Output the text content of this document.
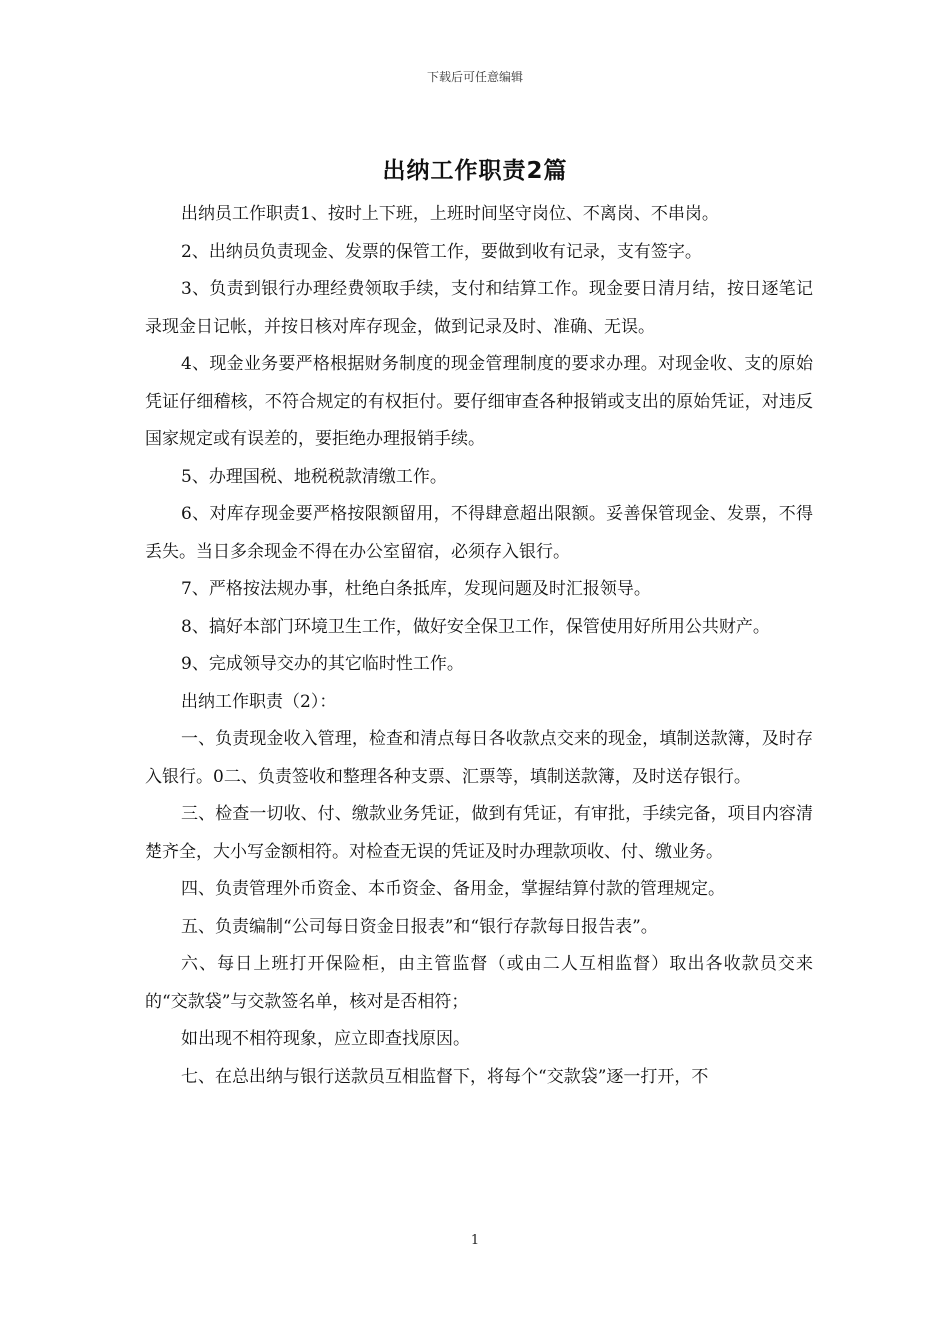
下载后可任意编辑
出纳工作职责2篇

出纳员工作职责1、按时上下班，上班时间坚守岗位、不离岗、不串岗。

2、出纳员负责现金、发票的保管工作，要做到收有记录，支有签字。

3、负责到银行办理经费领取手续，支付和结算工作。现金要日清月结，按日逐笔记录现金日记帐，并按日核对库存现金，做到记录及时、准确、无误。

4、现金业务要严格根据财务制度的现金管理制度的要求办理。对现金收、支的原始凭证仔细稽核，不符合规定的有权拒付。要仔细审查各种报销或支出的原始凭证，对违反国家规定或有误差的，要拒绝办理报销手续。

5、办理国税、地税税款清缴工作。

6、对库存现金要严格按限额留用，不得肆意超出限额。妥善保管现金、发票，不得丢失。当日多余现金不得在办公室留宿，必须存入银行。

7、严格按法规办事，杜绝白条抵库，发现问题及时汇报领导。

8、搞好本部门环境卫生工作，做好安全保卫工作，保管使用好所用公共财产。

9、完成领导交办的其它临时性工作。

出纳工作职责（2）：

一、负责现金收入管理，检查和清点每日各收款点交来的现金，填制送款簿，及时存入银行。0二、负责签收和整理各种支票、汇票等，填制送款簿，及时送存银行。

三、检查一切收、付、缴款业务凭证，做到有凭证，有审批，手续完备，项目内容清楚齐全，大小写金额相符。对检查无误的凭证及时办理款项收、付、缴业务。

四、负责管理外币资金、本币资金、备用金，掌握结算付款的管理规定。

五、负责编制“公司每日资金日报表”和“银行存款每日报告表”。

六、每日上班打开保险柜，由主管监督（或由二人互相监督）取出各收款员交来的“交款袋”与交款签名单，核对是否相符；

如出现不相符现象，应立即查找原因。

七、在总出纳与银行送款员互相监督下，将每个“交款袋”逐一打开，不

1
